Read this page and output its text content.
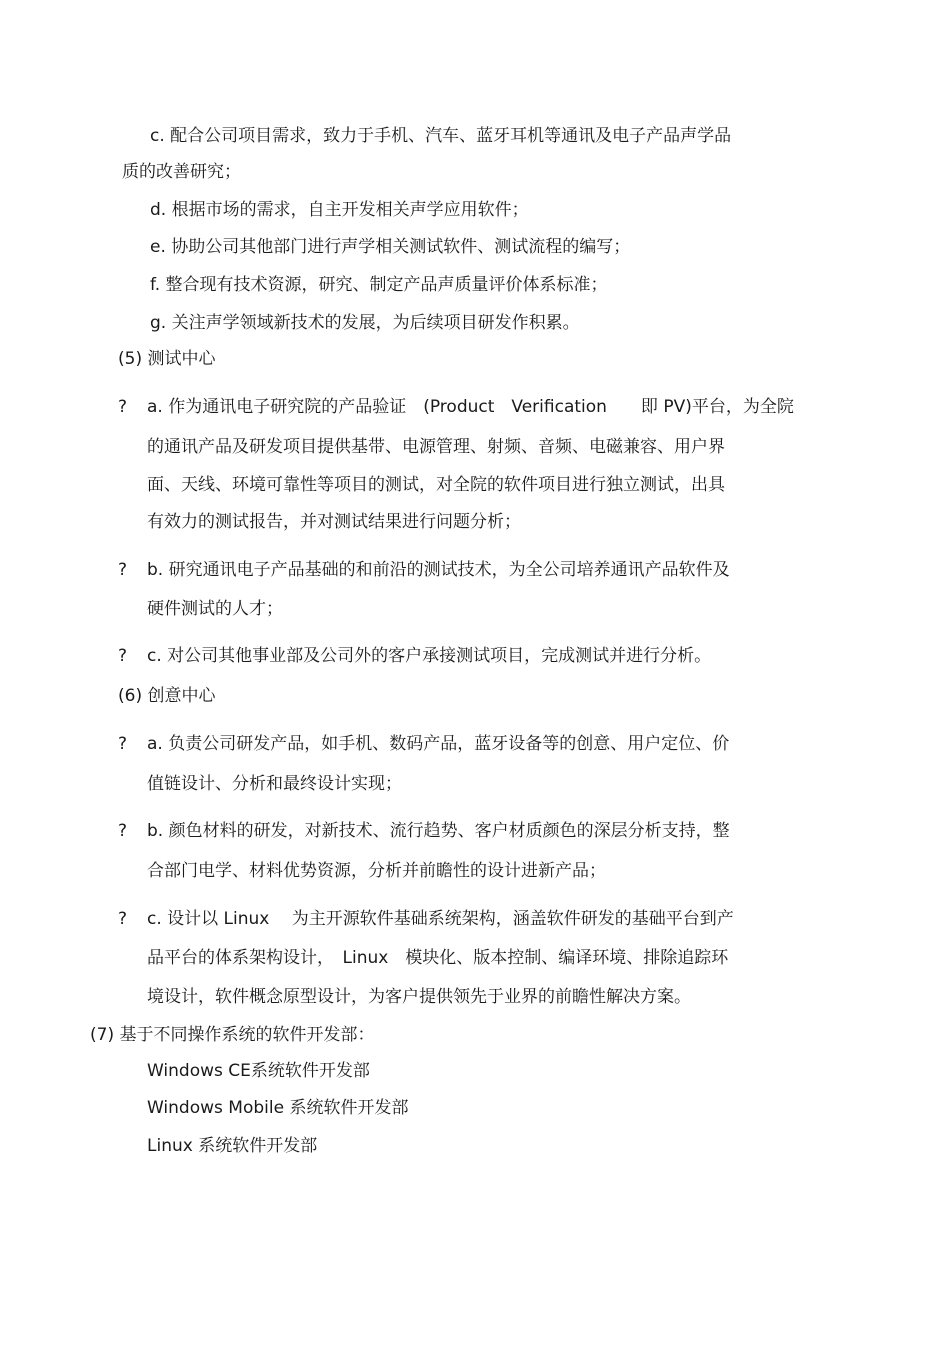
c. 配合公司项目需求，致力于手机、汽车、蓝牙耳机等通讯及电子产品声学品
质的改善研究；
d. 根据市场的需求，自主开发相关声学应用软件；
e. 协助公司其他部门进行声学相关测试软件、测试流程的编写；
f. 整合现有技术资源，研究、制定产品声质量评价体系标准；
g. 关注声学领域新技术的发展，为后续项目研发作积累。
(5) 测试中心
? a. 作为通讯电子研究院的产品验证　(Product　Verification　　即 PV)平台，为全院
的通讯产品及研发项目提供基带、电源管理、射频、音频、电磁兼容、用户界
面、天线、环境可靠性等项目的测试，对全院的软件项目进行独立测试，出具
有效力的测试报告，并对测试结果进行问题分析；
? b. 研究通讯电子产品基础的和前沿的测试技术，为全公司培养通讯产品软件及
硬件测试的人才；
? c. 对公司其他事业部及公司外的客户承接测试项目，完成测试并进行分析。
(6) 创意中心
? a. 负责公司研发产品，如手机、数码产品，蓝牙设备等的创意、用户定位、价
值链设计、分析和最终设计实现；
? b. 颜色材料的研发，对新技术、流行趋势、客户材质颜色的深层分析支持，整
合部门电学、材料优势资源，分析并前瞻性的设计进新产品；
? c. 设计以 Linux　 为主开源软件基础系统架构，涵盖软件研发的基础平台到产
品平台的体系架构设计，　Linux　模块化、版本控制、编译环境、排除追踪环
境设计，软件概念原型设计，为客户提供领先于业界的前瞻性解决方案。
(7) 基于不同操作系统的软件开发部：
Windows CE系统软件开发部
Windows Mobile 系统软件开发部
Linux 系统软件开发部
